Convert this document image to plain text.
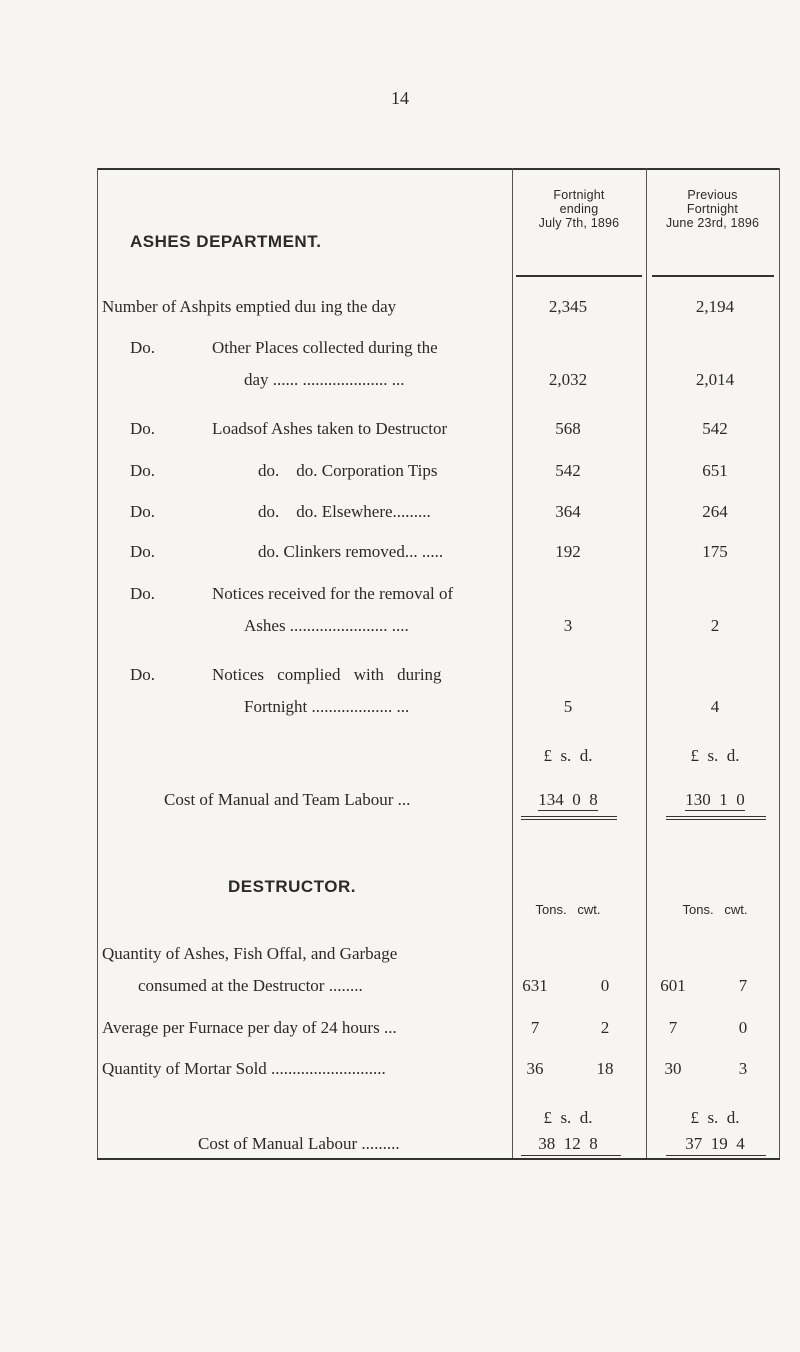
14
Fortnight
ending
July 7th, 1896
Previous
Fortnight
June 23rd, 1896
ASHES DEPARTMENT.
Number of Ashpits emptied duı ing the day	2,345	2,194
Do.	Other Places collected during the
day ...... .................... ...	2,032	2,014
Do.	Loadsof Ashes taken to Destructor	568	542
Do.	do.    do. Corporation Tips	542	651
Do.	do.    do. Elsewhere.........	364	264
Do.	do. Clinkers removed... .....	192	175
Do.	Notices received for the removal of
Ashes ....................... ....	3	2
Do.	Notices complied with during
Fortnight ................... ...	5	4
£  s.  d.	£  s.  d.
Cost of Manual and Team Labour ...	134  0  8	130  1  0
DESTRUCTOR.
Tons.   cwt.	Tons.   cwt.
Quantity of Ashes, Fish Offal, and Garbage
consumed at the Destructor ........	631	0	601	7
Average per Furnace per day of 24 hours ...	7	2	7	0
Quantity of Mortar Sold ...........................	36	18	30	3
£  s.  d.	£  s.  d.
Cost of Manual Labour .........	38  12  8	37  19  4
